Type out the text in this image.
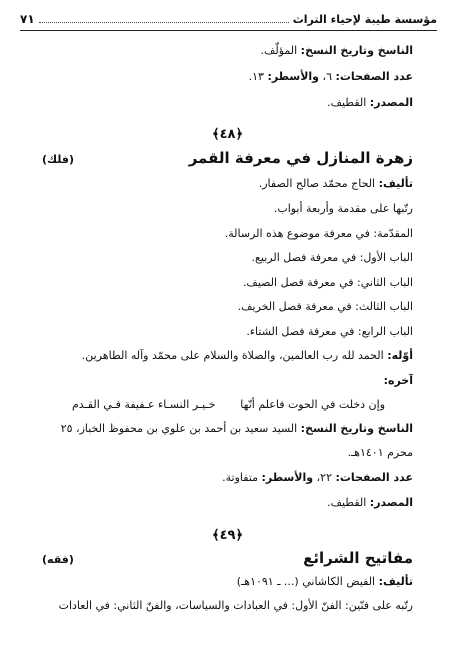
مؤسسة طيبة لإحياء التراث
٧١
الناسخ وتاريخ النسخ: المؤلّف.
عدد الصفحات: ٦، والأسطر: ١٣.
المصدر: القطيف.
﴿٤٨﴾
زهرة المنازل في معرفة القمر
(فلك)
تأليف: الحاج محمّد صالح الصفار.
رتّبها على مقدمة وأربعة أبواب.
المقدّمة: في معرفة موضوع هذه الرسالة.
الباب الأول: في معرفة فصل الربيع.
الباب الثاني: في معرفة فصل الصيف.
الباب الثالث: في معرفة فصل الخريف.
الباب الرابع: في معرفة فصل الشتاء.
أوّله: الحمد لله رب العالمين، والصلاة والسلام على محمّد وآله الطاهرين.
آخره:
وإن دخلت في الحوت فاعلم أنّها
خـيـر النسـاء عـفيفة فـي القـدم
الناسخ وتاريخ النسخ: السيد سعيد بن أحمد بن علوي بن محفوظ الخباز، ٢٥
محرم ١٤٠١هـ.
عدد الصفحات: ٢٢، والأسطر: متفاوتة.
المصدر: القطيف.
﴿٤٩﴾
مفاتيح الشرائع
(فقه)
تأليف: الفيض الكاشاني (... ـ ١٠٩١هـ)
رتّبه على فنّين: الفنّ الأول: في العبادات والسياسات، والفنّ الثاني: في العادات
